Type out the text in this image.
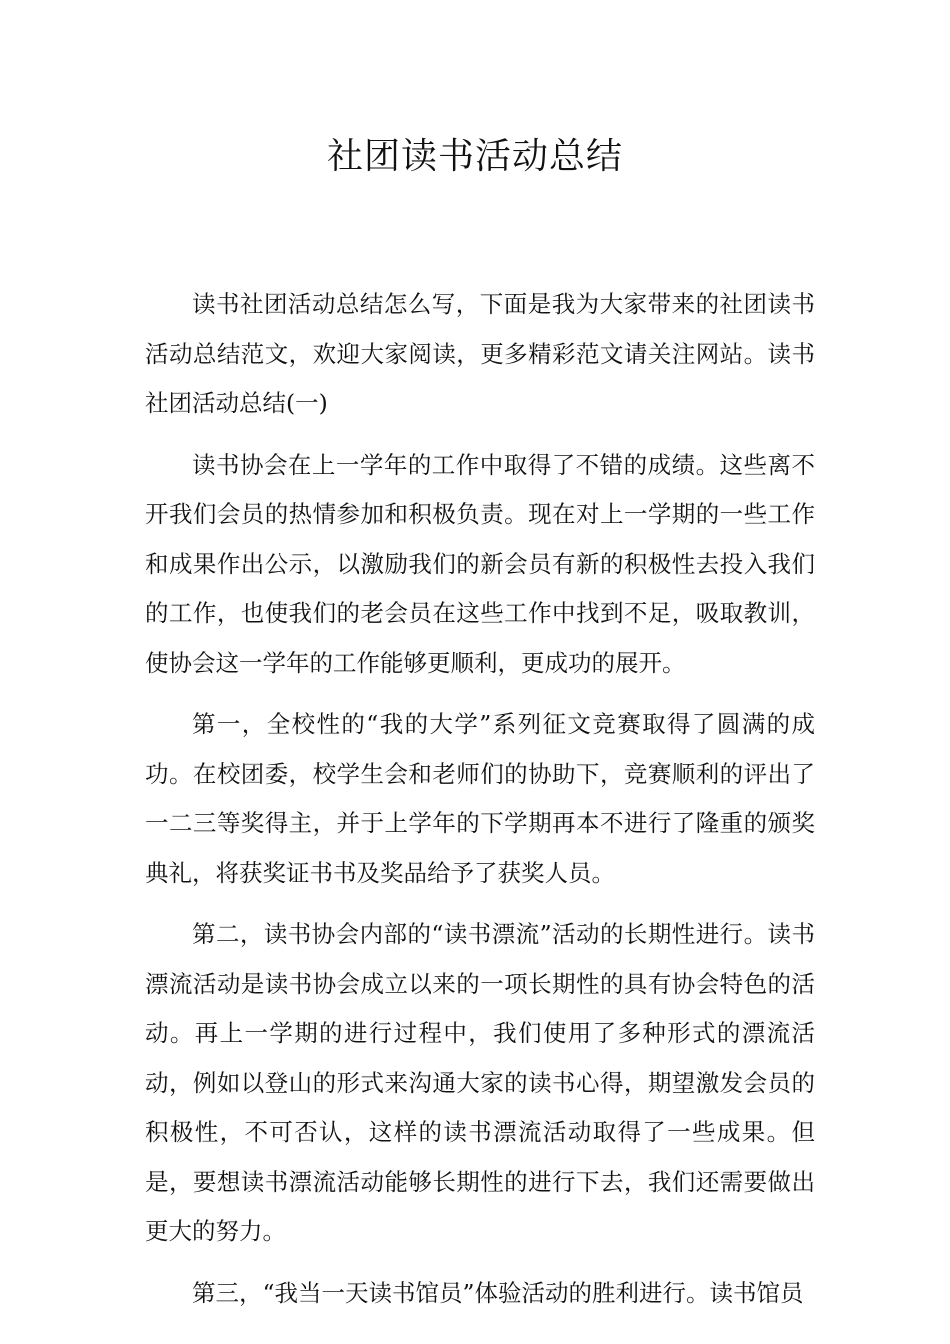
社团读书活动总结

读书社团活动总结怎么写，下面是我为大家带来的社团读书活动总结范文，欢迎大家阅读，更多精彩范文请关注网站。读书社团活动总结(一)

读书协会在上一学年的工作中取得了不错的成绩。这些离不开我们会员的热情参加和积极负责。现在对上一学期的一些工作和成果作出公示，以激励我们的新会员有新的积极性去投入我们的工作，也使我们的老会员在这些工作中找到不足，吸取教训，使协会这一学年的工作能够更顺利，更成功的展开。

第一，全校性的“我的大学”系列征文竞赛取得了圆满的成功。在校团委，校学生会和老师们的协助下，竞赛顺利的评出了一二三等奖得主，并于上学年的下学期再本不进行了隆重的颁奖典礼，将获奖证书书及奖品给予了获奖人员。

第二，读书协会内部的“读书漂流”活动的长期性进行。读书漂流活动是读书协会成立以来的一项长期性的具有协会特色的活动。再上一学期的进行过程中，我们使用了多种形式的漂流活动，例如以登山的形式来沟通大家的读书心得，期望激发会员的积极性，不可否认，这样的读书漂流活动取得了一些成果。但是，要想读书漂流活动能够长期性的进行下去，我们还需要做出更大的努力。

第三，“我当一天读书馆员”体验活动的胜利进行。读书馆员
